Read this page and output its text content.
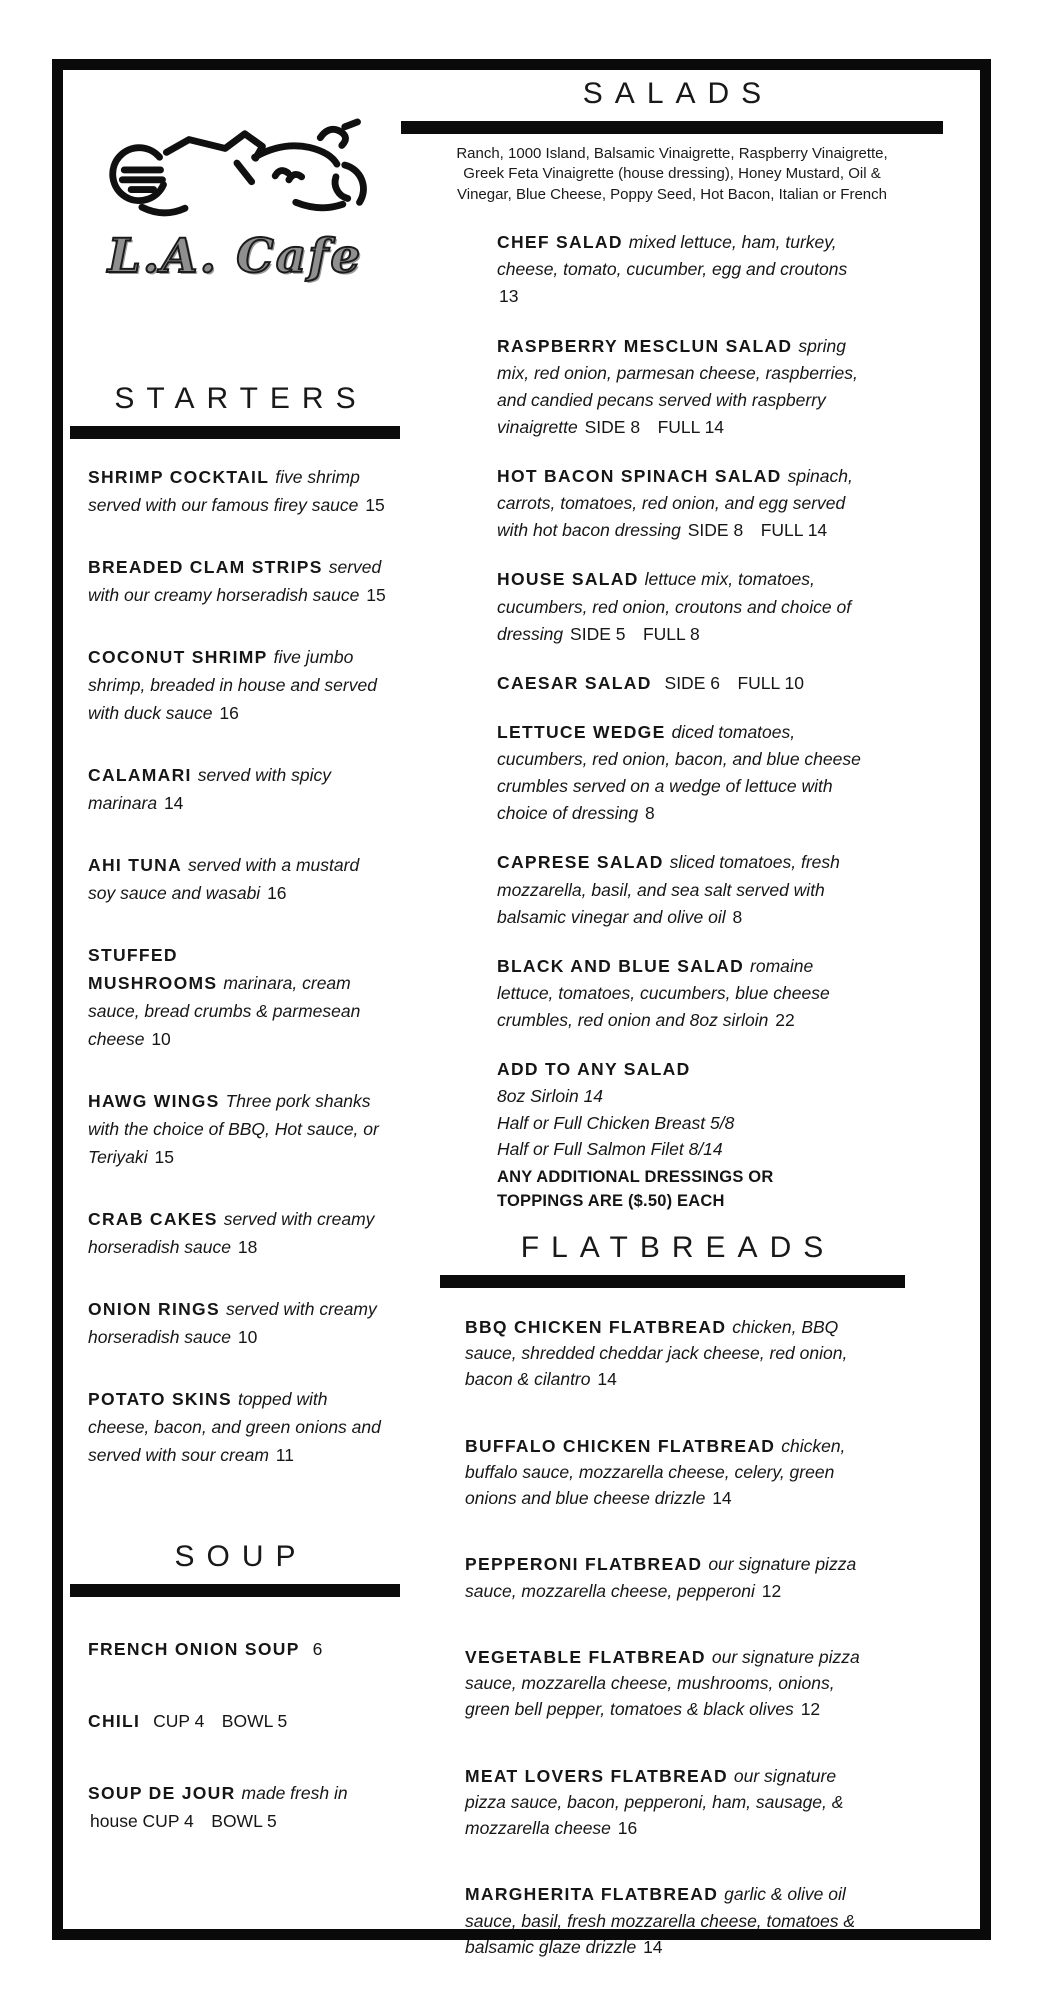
L.A. Cafe
STARTERS

SHRIMP COCKTAIL five shrimp served with our famous firey sauce 15

BREADED CLAM STRIPS served with our creamy horseradish sauce 15

COCONUT SHRIMP five jumbo shrimp, breaded in house and served with duck sauce 16

CALAMARI served with spicy marinara 14

AHI TUNA served with a mustard soy sauce and wasabi 16

STUFFED MUSHROOMS marinara, cream sauce, bread crumbs & parmesean cheese 10

HAWG WINGS Three pork shanks with the choice of BBQ, Hot sauce, or Teriyaki 15

CRAB CAKES served with creamy horseradish sauce 18

ONION RINGS served with creamy horseradish sauce 10

POTATO SKINS topped with cheese, bacon, and green onions and served with sour cream 11

SOUP

FRENCH ONION SOUP 6

CHILI CUP 4 BOWL 5

SOUP DE JOUR made fresh in house CUP 4 BOWL 5

SALADS

Ranch, 1000 Island, Balsamic Vinaigrette, Raspberry Vinaigrette, Greek Feta Vinaigrette (house dressing), Honey Mustard, Oil & Vinegar, Blue Cheese, Poppy Seed, Hot Bacon, Italian or French

CHEF SALAD mixed lettuce, ham, turkey, cheese, tomato, cucumber, egg and croutons 13

RASPBERRY MESCLUN SALAD spring mix, red onion, parmesan cheese, raspberries, and candied pecans served with raspberry vinaigrette SIDE 8 FULL 14

HOT BACON SPINACH SALAD spinach, carrots, tomatoes, red onion, and egg served with hot bacon dressing SIDE 8 FULL 14

HOUSE SALAD lettuce mix, tomatoes, cucumbers, red onion, croutons and choice of dressing SIDE 5 FULL 8

CAESAR SALAD SIDE 6 FULL 10

LETTUCE WEDGE diced tomatoes, cucumbers, red onion, bacon, and blue cheese crumbles served on a wedge of lettuce with choice of dressing 8

CAPRESE SALAD sliced tomatoes, fresh mozzarella, basil, and sea salt served with balsamic vinegar and olive oil 8

BLACK AND BLUE SALAD romaine lettuce, tomatoes, cucumbers, blue cheese crumbles, red onion and 8oz sirloin 22

ADD TO ANY SALAD

8oz Sirloin 14

Half or Full Chicken Breast 5/8

Half or Full Salmon Filet 8/14

ANY ADDITIONAL DRESSINGS OR TOPPINGS ARE ($.50) EACH

FLATBREADS

BBQ CHICKEN FLATBREAD chicken, BBQ sauce, shredded cheddar jack cheese, red onion, bacon & cilantro 14

BUFFALO CHICKEN FLATBREAD chicken, buffalo sauce, mozzarella cheese, celery, green onions and blue cheese drizzle 14

PEPPERONI FLATBREAD our signature pizza sauce, mozzarella cheese, pepperoni 12

VEGETABLE FLATBREAD our signature pizza sauce, mozzarella cheese, mushrooms, onions, green bell pepper, tomatoes & black olives 12

MEAT LOVERS FLATBREAD our signature pizza sauce, bacon, pepperoni, ham, sausage, & mozzarella cheese 16

MARGHERITA FLATBREAD garlic & olive oil sauce, basil, fresh mozzarella cheese, tomatoes & balsamic glaze drizzle 14
